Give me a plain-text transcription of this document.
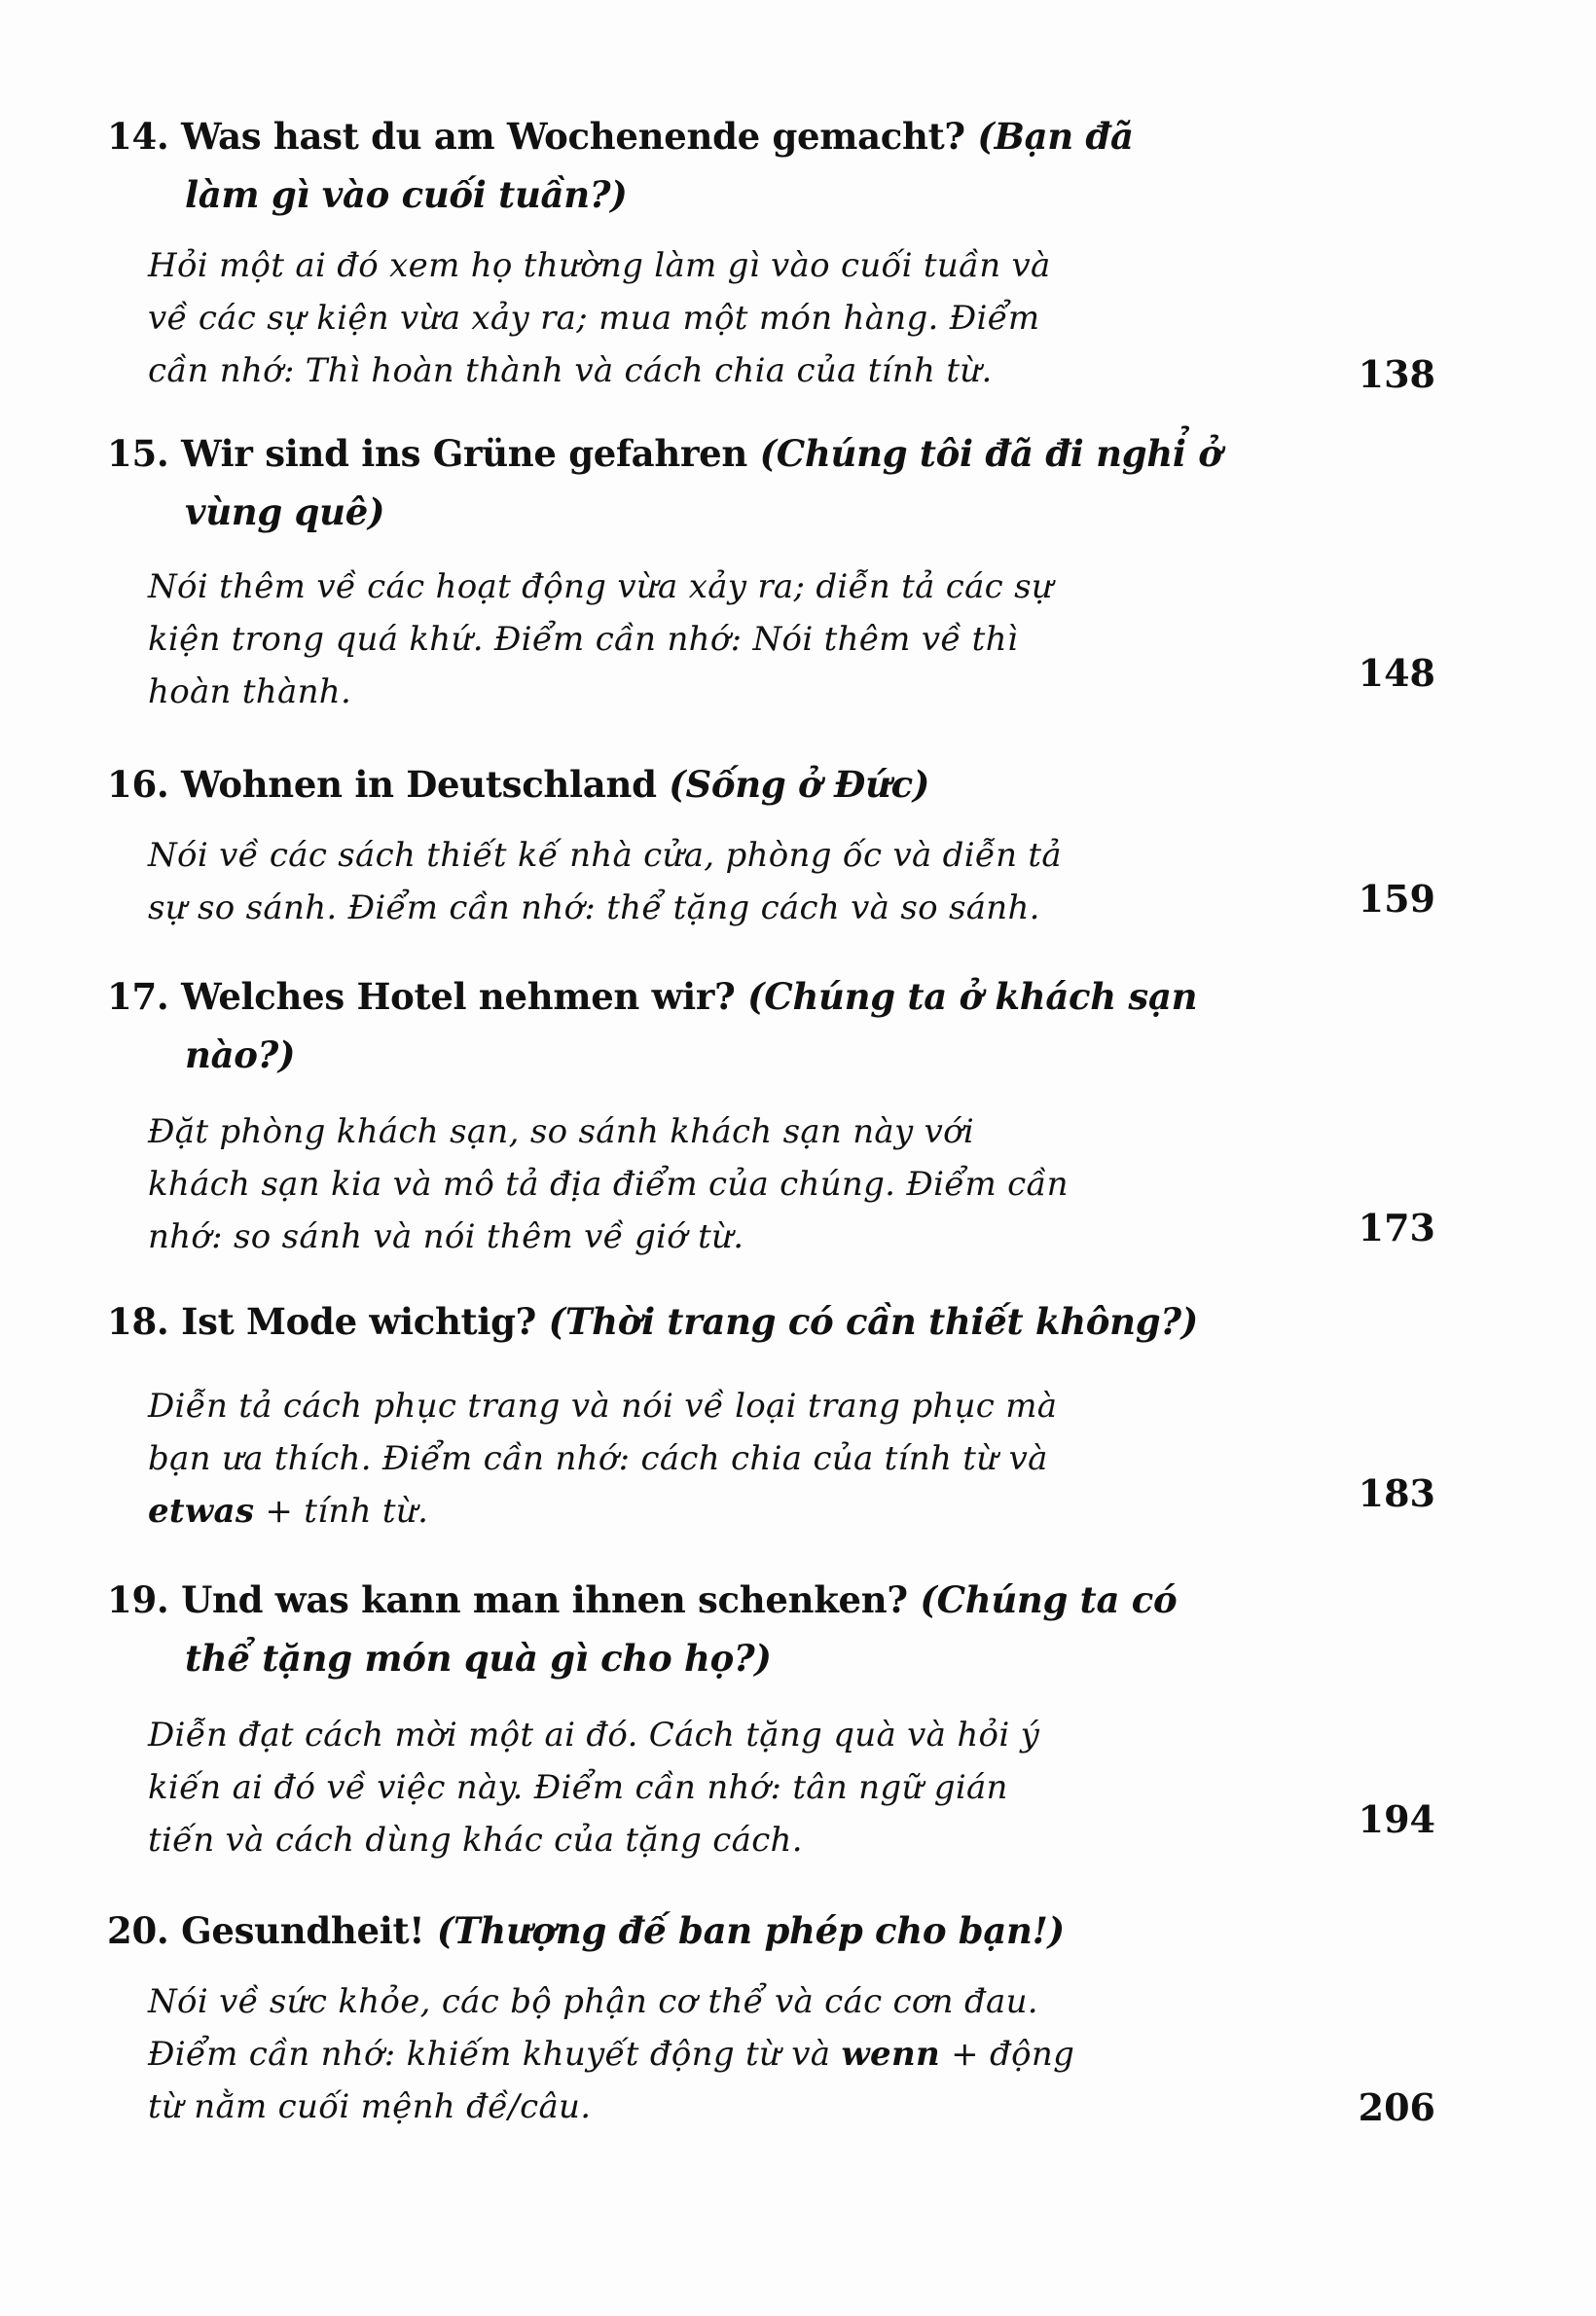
14. Was hast du am Wochenende gemacht? (Bạn đã
làm gì vào cuối tuần?)

Hỏi một ai đó xem họ thường làm gì vào cuối tuần và
về các sự kiện vừa xảy ra; mua một món hàng. Điểm
cần nhớ: Thì hoàn thành và cách chia của tính từ.	138
15. Wir sind ins Grüne gefahren (Chúng tôi đã đi nghỉ ở
vùng quê)

Nói thêm về các hoạt động vừa xảy ra; diễn tả các sự
kiện trong quá khứ. Điểm cần nhớ: Nói thêm về thì
hoàn thành.	148
16. Wohnen in Deutschland (Sống ở Đức)

Nói về các sách thiết kế nhà cửa, phòng ốc và diễn tả
sự so sánh. Điểm cần nhớ: thể tặng cách và so sánh.	159
17. Welches Hotel nehmen wir? (Chúng ta ở khách sạn
nào?)

Đặt phòng khách sạn, so sánh khách sạn này với
khách sạn kia và mô tả địa điểm của chúng. Điểm cần
nhớ: so sánh và nói thêm về giớ từ.	173
18. Ist Mode wichtig? (Thời trang có cần thiết không?)

Diễn tả cách phục trang và nói về loại trang phục mà
bạn ưa thích. Điểm cần nhớ: cách chia của tính từ và
etwas + tính từ.	183
19. Und was kann man ihnen schenken? (Chúng ta có
thể tặng món quà gì cho họ?)

Diễn đạt cách mời một ai đó. Cách tặng quà và hỏi ý
kiến ai đó về việc này. Điểm cần nhớ: tân ngữ gián
tiến và cách dùng khác của tặng cách.	194
20. Gesundheit! (Thượng đế ban phép cho bạn!)

Nói về sức khỏe, các bộ phận cơ thể và các cơn đau.
Điểm cần nhớ: khiếm khuyết động từ và wenn + động
từ nằm cuối mệnh đề/câu.	206
